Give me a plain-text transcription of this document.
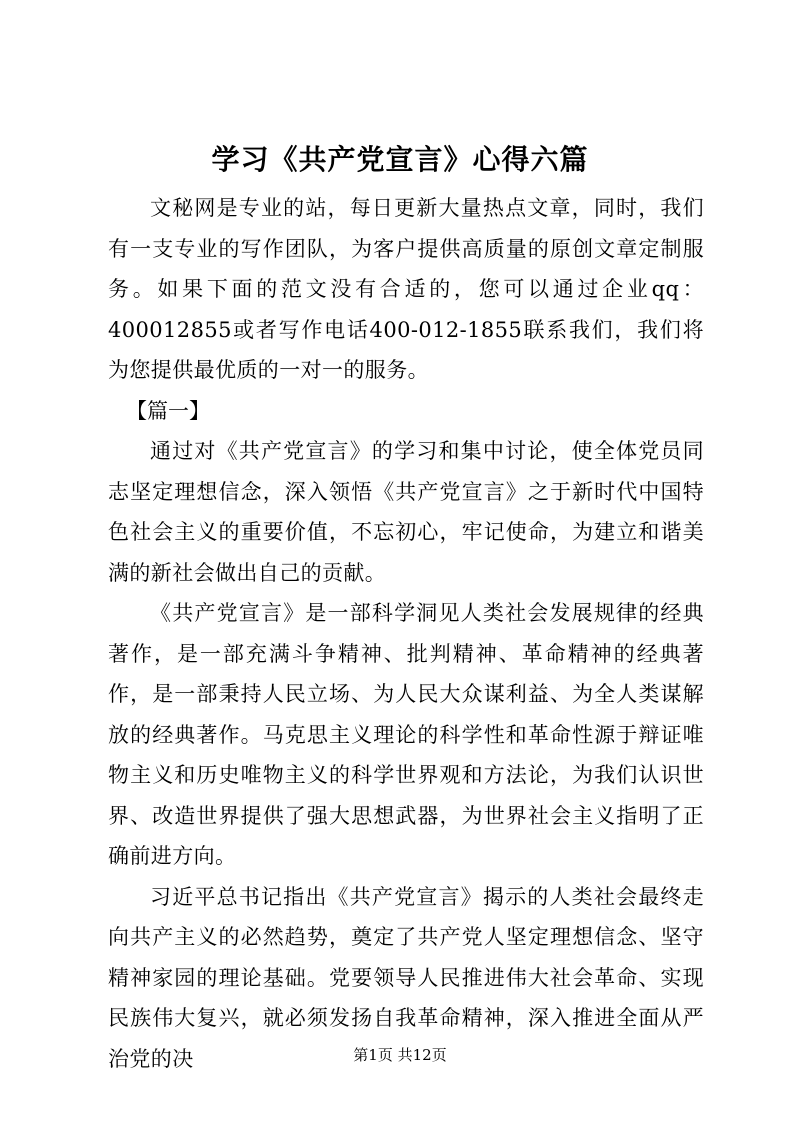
学习《共产党宣言》心得六篇

文秘网是专业的站，每日更新大量热点文章，同时，我们有一支专业的写作团队，为客户提供高质量的原创文章定制服务。如果下面的范文没有合适的，您可以通过企业qq：400012855或者写作电话400-012-1855联系我们，我们将为您提供最优质的一对一的服务。

【篇一】

通过对《共产党宣言》的学习和集中讨论，使全体党员同志坚定理想信念，深入领悟《共产党宣言》之于新时代中国特色社会主义的重要价值，不忘初心，牢记使命，为建立和谐美满的新社会做出自己的贡献。

《共产党宣言》是一部科学洞见人类社会发展规律的经典著作，是一部充满斗争精神、批判精神、革命精神的经典著作，是一部秉持人民立场、为人民大众谋利益、为全人类谋解放的经典著作。马克思主义理论的科学性和革命性源于辩证唯物主义和历史唯物主义的科学世界观和方法论，为我们认识世界、改造世界提供了强大思想武器，为世界社会主义指明了正确前进方向。

习近平总书记指出《共产党宣言》揭示的人类社会最终走向共产主义的必然趋势，奠定了共产党人坚定理想信念、坚守精神家园的理论基础。党要领导人民推进伟大社会革命、实现民族伟大复兴，就必须发扬自我革命精神，深入推进全面从严治党的决	第1页 共12页
